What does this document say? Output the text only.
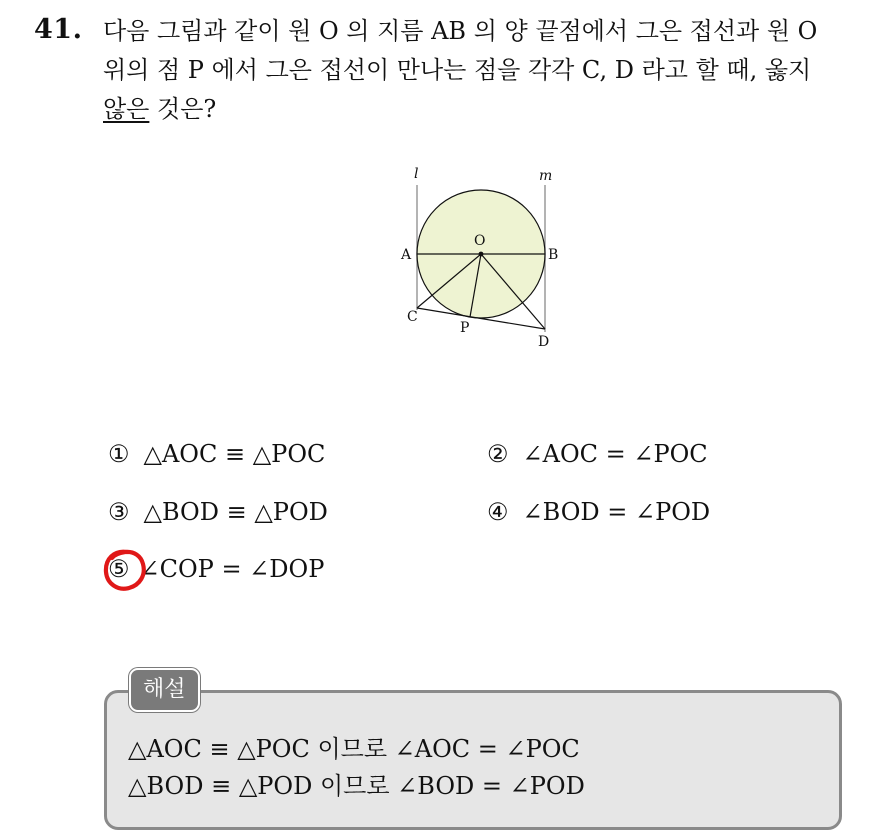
41. 다음 그림과 같이 원 O 의 지름 AB 의 양 끝점에서 그은 접선과 원 O
위의 점 P 에서 그은 접선이 만나는 점을 각각 C, D 라고 할 때, 옳지
않은 것은?
l	m
A	B
O
C
P
D
① △AOC ≡ △POC	② ∠AOC = ∠POC
③ △BOD ≡ △POD	④ ∠BOD = ∠POD
⑤ ∠COP = ∠DOP
해설
△AOC ≡ △POC 이므로 ∠AOC = ∠POC
△BOD ≡ △POD 이므로 ∠BOD = ∠POD
